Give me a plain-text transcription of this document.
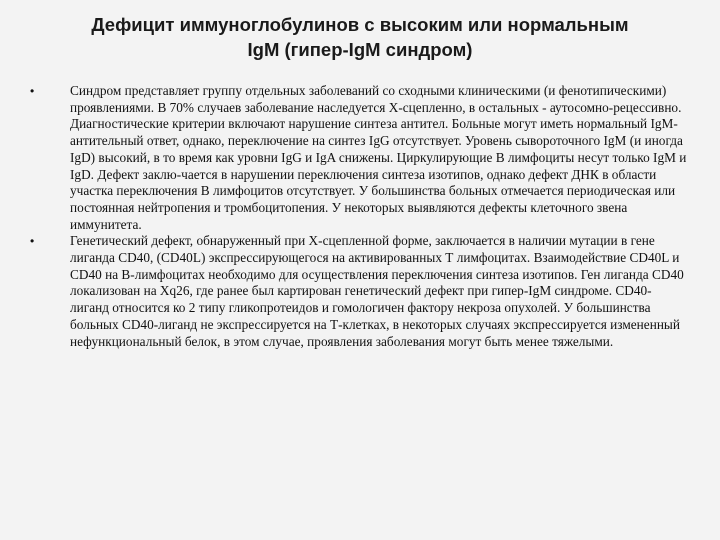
Дефицит иммуноглобулинов с высоким или нормальным
IgM (гипер-IgM синдром)
•	Синдром представляет группу отдельных заболеваний со сходными клиническими (и фенотипическими) проявлениями. В 70% случаев заболевание наследуется Х-сцепленно, в остальных - аутосомно-рецессивно. Диагностические критерии включают нарушение синтеза антител. Больные могут иметь нормальный IgM-антительный ответ, однако, переключение на синтез IgG отсутствует. Уровень сывороточного IgM (и иногда IgD) высокий, в то время как уровни IgG и IgA снижены. Циркулирующие В лимфоциты несут только IgM и IgD. Дефект заклю-чается в нарушении переключения синтеза изотипов, однако дефект ДНК в области участка переключения В лимфоцитов отсутствует. У большинства больных отмечается периодическая или постоянная нейтропения и тромбоцитопения. У некоторых выявляются дефекты клеточного звена иммунитета.
•	Генетический дефект, обнаруженный при Х-сцепленной форме, заключается в наличии мутации в гене лиганда CD40, (CD40L) экспрессирующегося на активированных Т лимфоцитах. Взаимодействие CD40L и CD40 на В-лимфоцитах необходимо для осуществления переключения синтеза изотипов. Ген лиганда CD40 локализован на Xq26, где ранее был картирован генетический дефект при гипер-IgM синдроме. CD40-лиганд относится ко 2 типу гликопротеидов и гомологичен фактору некроза опухолей. У большинства больных CD40-лиганд не экспрессируется на Т-клетках, в некоторых случаях экспрессируется измененный нефункциональный белок, в этом случае, проявления заболевания могут быть менее тяжелыми.
